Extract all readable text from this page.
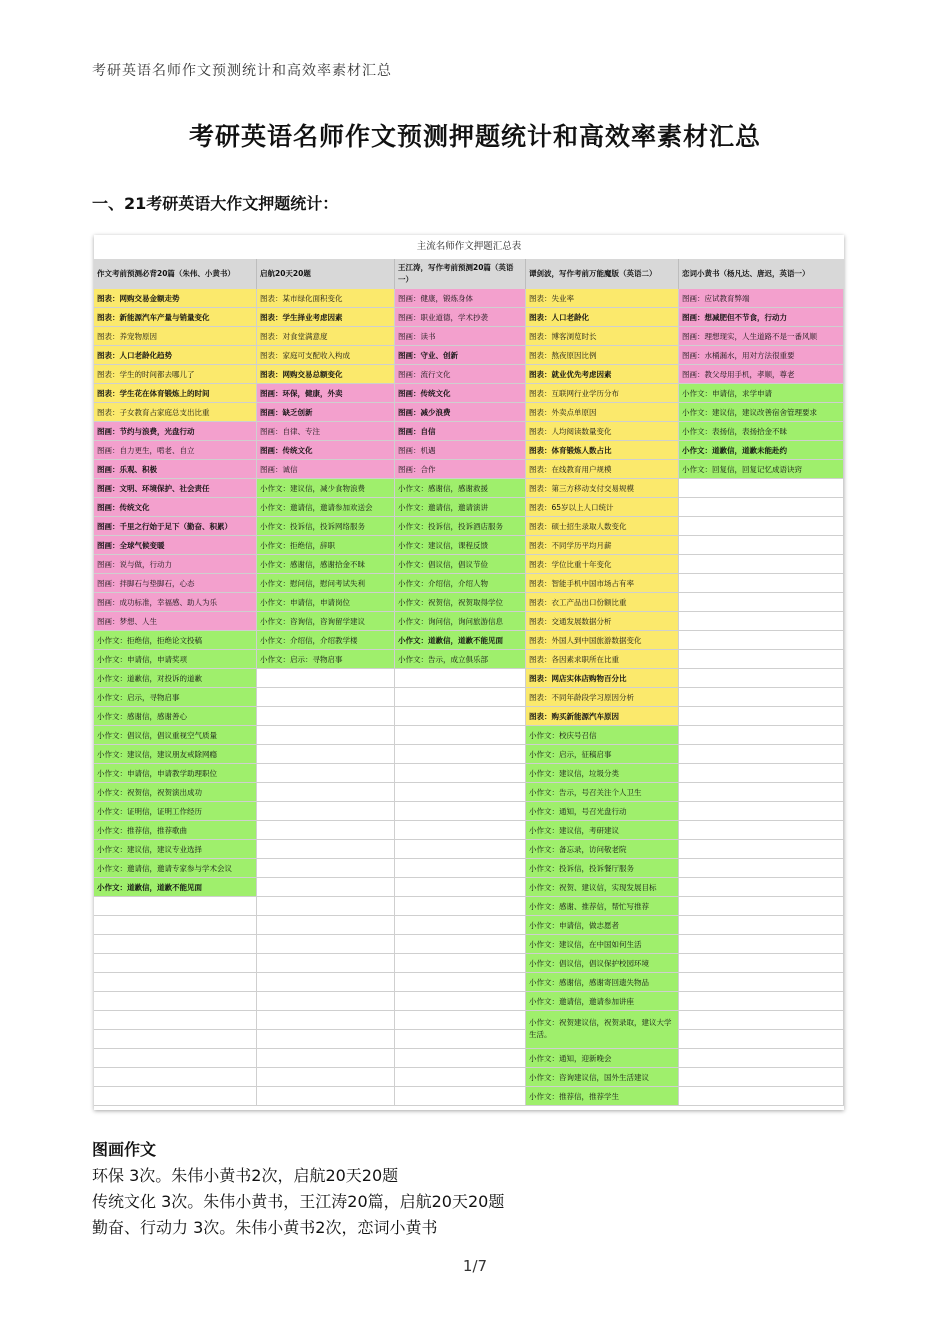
考研英语名师作文预测统计和高效率素材汇总
考研英语名师作文预测押题统计和高效率素材汇总
一、21考研英语大作文押题统计：
主流名师作文押题汇总表
作文考前预测必背20篇（朱伟、小黄书）	启航20天20题
王江涛，写作考前预测20篇（英语一）
谭剑波，写作考前万能魔版（英语二）	恋词小黄书（杨凡达、唐迟，英语一）
图表：网购交易金额走势
图表：新能源汽车产量与销量变化
图表：养宠物原因
图表：人口老龄化趋势
图表：学生的时间都去哪儿了
图表：学生花在体育锻炼上的时间
图表：子女教育占家庭总支出比重
图画：节约与浪费，光盘行动
图画：自力更生，啃老、自立
图画：乐观、积极
图画：文明、环境保护、社会责任
图画：传统文化
图画：千里之行始于足下（勤奋、积累）
图画：全球气候变暖
图画：说与做，行动力
图画：拌脚石与垫脚石，心态
图画：成功标准，幸福感、助人为乐
图画：梦想、人生
小作文：拒绝信，拒绝论文投稿
小作文：申请信，申请奖项
小作文：道歉信，对投诉的道歉
小作文：启示，寻物启事
小作文：感谢信，感谢善心
小作文：倡议信，倡议重视空气质量
小作文：建议信，建议朋友戒除网瘾
小作文：申请信，申请教学助理职位
小作文：祝贺信，祝贺演出成功
小作文：证明信，证明工作经历
小作文：推荐信，推荐歌曲
小作文：建议信，建议专业选择
小作文：邀请信，邀请专家参与学术会议
小作文：道歉信，道歉不能见面
图表：某市绿化面积变化
图表：学生择业考虑因素
图表：对食堂满意度
图表：家庭可支配收入构成
图表：网购交易总额变化
图画：环保，健康，外卖
图画：缺乏创新
图画：自律、专注
图画：传统文化
图画：诚信
小作文：建议信，减少食物浪费
小作文：邀请信，邀请参加欢送会
小作文：投诉信，投诉网络服务
小作文：拒绝信，辞职
小作文：感谢信，感谢拾金不昧
小作文：慰问信，慰问考试失利
小作文：申请信，申请岗位
小作文：咨询信，咨询留学建议
小作文：介绍信，介绍教学楼
小作文：启示：寻物启事
图画：健康，锻炼身体
图画：职业道德，学术抄袭
图画：读书
图画：守业、创新
图画：流行文化
图画：传统文化
图画：减少浪费
图画：自信
图画：机遇
图画：合作
小作文：感谢信，感谢救援
小作文：邀请信，邀请演讲
小作文：投诉信，投诉酒店服务
小作文：建议信，课程反馈
小作文：倡议信，倡议节俭
小作文：介绍信，介绍人物
小作文：祝贺信，祝贺取得学位
小作文：询问信，询问旅游信息
小作文：道歉信，道歉不能见面
小作文：告示，成立俱乐部
图表：失业率
图表：人口老龄化
图表：博客浏览时长
图表：熬夜原因比例
图表：就业优先考虑因素
图表：互联网行业学历分布
图表：外卖点单原因
图表：人均阅读数量变化
图表：体育锻炼人数占比
图表：在线教育用户规模
图表：第三方移动支付交易规模
图表：65岁以上人口统计
图表：硕士招生录取人数变化
图表：不同学历平均月薪
图表：学位比重十年变化
图表：智能手机中国市场占有率
图表：衣工产品出口份额比重
图表：交通发展数据分析
图表：外国人到中国旅游数据变化
图表：各因素求职所在比重
图表：网店实体店购物百分比
图表：不同年龄段学习原因分析
图表：购买新能源汽车原因
小作文：校庆号召信
小作文：启示，征稿启事
小作文：建议信，垃圾分类
小作文：告示，号召关注个人卫生
小作文：通知，号召光盘行动
小作文：建议信，考研建议
小作文：备忘录，访问敬老院
小作文：投诉信，投诉餐厅服务
小作文：祝贺、建议信，实现发展目标
小作文：感谢、推荐信，帮忙写推荐
小作文：申请信，做志愿者
小作文：建议信，在中国如何生活
小作文：倡议信，倡议保护校园环境
小作文：感谢信，感谢寄回遗失物品
小作文：邀请信，邀请参加讲座
小作文：祝贺建议信，祝贺录取，建议大学生活。
小作文：通知，迎新晚会
小作文：咨询建议信，国外生活建议
小作文：推荐信，推荐学生
图画：应试教育弊端
图画：想减肥但不节食，行动力
图画：理想现实，人生道路不是一番风顺
图画：水桶漏水，用对方法很重要
图画：教父母用手机，孝顺，尊老
小作文：申请信，求学申请
小作文：建议信，建议改善宿舍管理要求
小作文：表扬信，表扬拾金不昧
小作文：道歉信，道歉未能赴约
小作文：回复信，回复记忆成语诀窍
图画作文
环保 3次。朱伟小黄书2次，启航20天20题
传统文化 3次。朱伟小黄书，王江涛20篇，启航20天20题
勤奋、行动力 3次。朱伟小黄书2次，恋词小黄书
1/7
